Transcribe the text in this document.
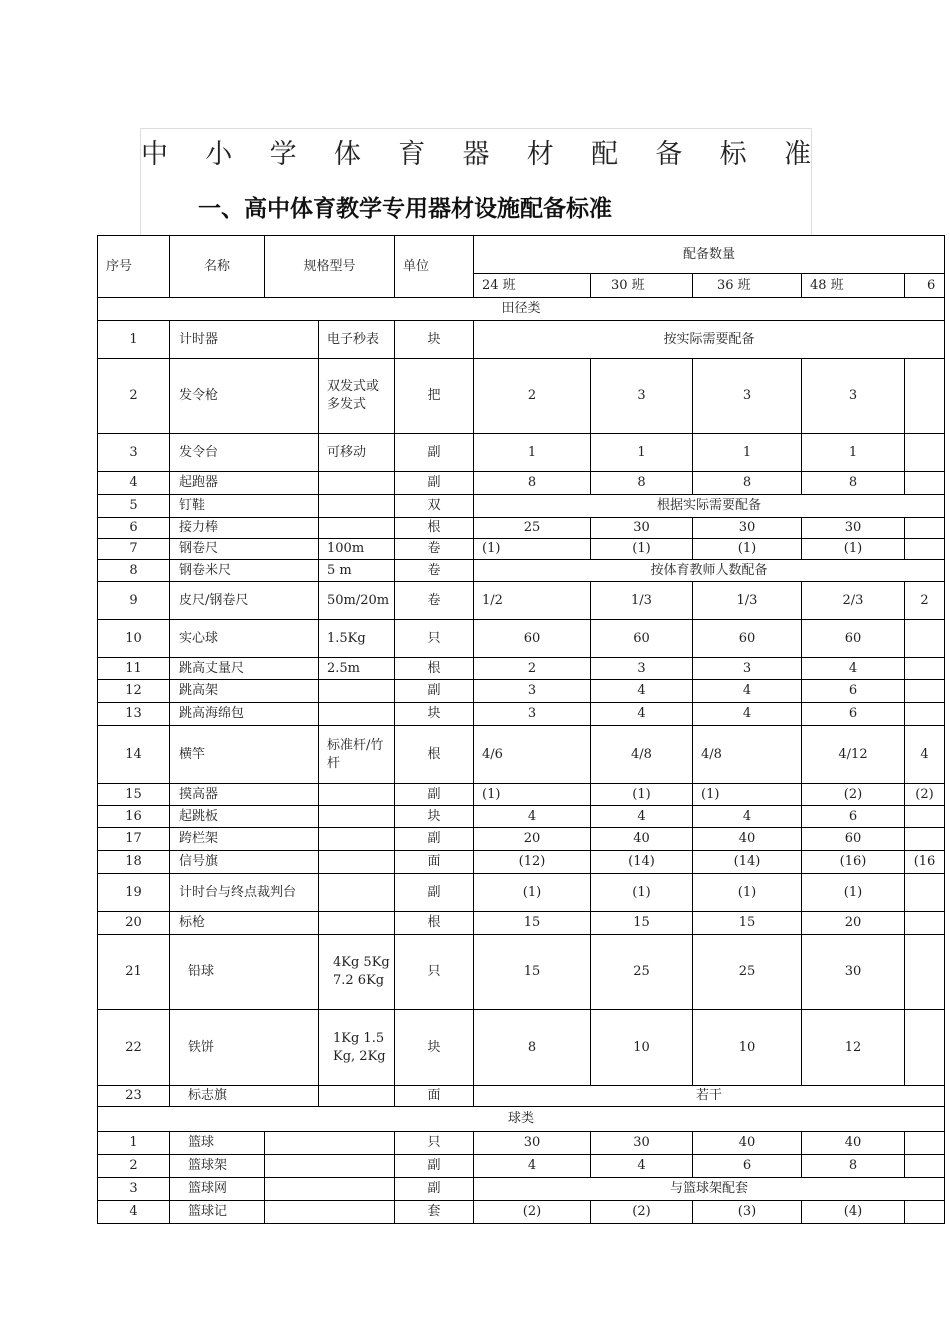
中 小 学 体 育 器 材 配 备 标 准
一、高中体育教学专用器材设施配备标准
序号	名称	规格型号		单位	配备数量				
					24 班	30 班	36 班	48 班	6
田径类									
1	计时器		电子秒表	块	按实际需要配备				
2	发令枪		双发式或多发式	把	2	3	3	3	
3	发令台		可移动	副	1	1	1	1	
4	起跑器			副	8	8	8	8	
5	钉鞋			双	根据实际需要配备				
6	接力棒			根	25	30	30	30	
7	钢卷尺		100m	卷	(1)	(1)	(1)	(1)	
8	钢卷米尺		5 m	卷	按体育教师人数配备				
9	皮尺/钢卷尺		50m/20m	卷	1/2	1/3	1/3	2/3	2
10	实心球		1.5Kg	只	60	60	60	60	
11	跳高丈量尺		2.5m	根	2	3	3	4	
12	跳高架			副	3	4	4	6	
13	跳高海绵包			块	3	4	4	6	
14	横竿		标准杆/竹杆	根	4/6	4/8	4/8	4/12	4
15	摸高器			副	(1)	(1)	(1)	(2)	(2)
16	起跳板			块	4	4	4	6	
17	跨栏架			副	20	40	40	60	
18	信号旗			面	(12)	(14)	(14)	(16)	(16
19	计时台与终点裁判台			副	(1)	(1)	(1)	(1)	
20	标枪			根	15	15	15	20	
21	铅球		4Kg 5Kg 7.2 6Kg	只	15	25	25	30	
22	铁饼		1Kg 1.5 Kg, 2Kg	块	8	10	10	12	
23	标志旗			面	若干				
球类									
1	篮球			只	30	30	40	40	
2	篮球架			副	4	4	6	8	
3	篮球网			副	与篮球架配套				
4	篮球记			套	(2)	(2)	(3)	(4)	
